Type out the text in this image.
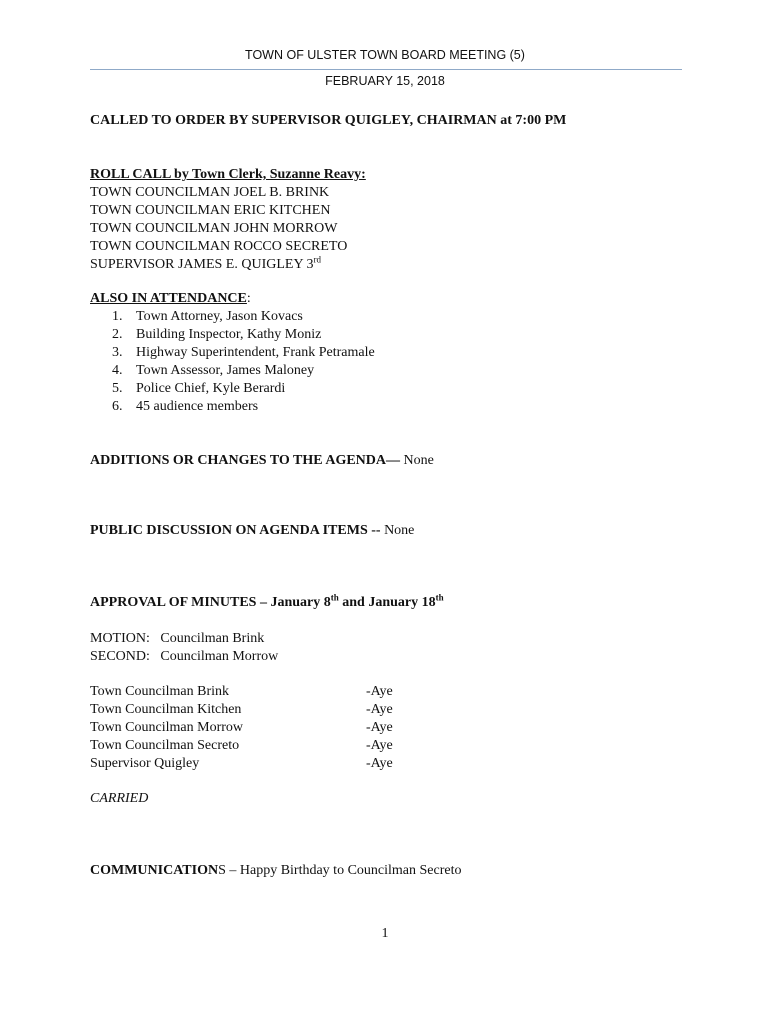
TOWN OF ULSTER TOWN BOARD MEETING (5)
FEBRUARY 15, 2018
CALLED TO ORDER BY SUPERVISOR QUIGLEY, CHAIRMAN at 7:00 PM
ROLL CALL by Town Clerk, Suzanne Reavy:
TOWN COUNCILMAN JOEL B. BRINK
TOWN COUNCILMAN ERIC KITCHEN
TOWN COUNCILMAN JOHN MORROW
TOWN COUNCILMAN ROCCO SECRETO
SUPERVISOR JAMES E. QUIGLEY 3rd
ALSO IN ATTENDANCE:
1. Town Attorney, Jason Kovacs
2. Building Inspector, Kathy Moniz
3. Highway Superintendent, Frank Petramale
4. Town Assessor, James Maloney
5. Police Chief, Kyle Berardi
6. 45 audience members
ADDITIONS OR CHANGES TO THE AGENDA— None
PUBLIC DISCUSSION ON AGENDA ITEMS -- None
APPROVAL OF MINUTES – January 8th and January 18th
MOTION:   Councilman Brink
SECOND:   Councilman Morrow
Town Councilman Brink	-Aye
Town Councilman Kitchen	-Aye
Town Councilman Morrow	-Aye
Town Councilman Secreto	-Aye
Supervisor Quigley	-Aye
CARRIED
COMMUNICATIONS – Happy Birthday to Councilman Secreto
1
